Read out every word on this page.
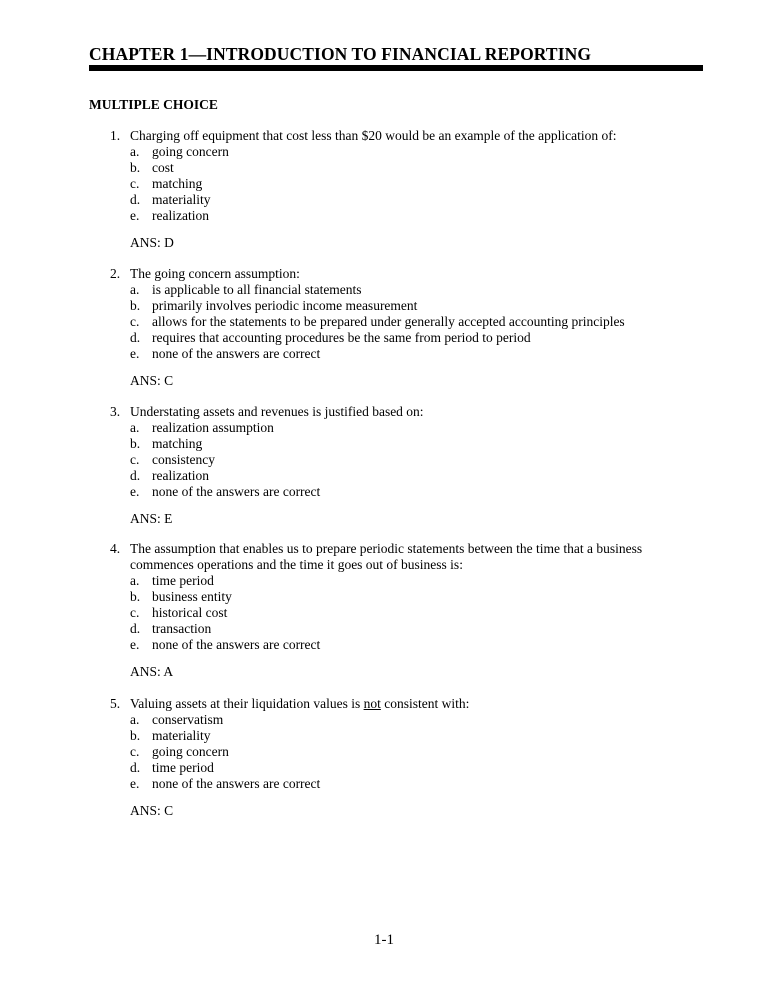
CHAPTER 1—INTRODUCTION TO FINANCIAL REPORTING
MULTIPLE CHOICE
1. Charging off equipment that cost less than $20 would be an example of the application of:
a. going concern
b. cost
c. matching
d. materiality
e. realization
ANS: D
2. The going concern assumption:
a. is applicable to all financial statements
b. primarily involves periodic income measurement
c. allows for the statements to be prepared under generally accepted accounting principles
d. requires that accounting procedures be the same from period to period
e. none of the answers are correct
ANS: C
3. Understating assets and revenues is justified based on:
a. realization assumption
b. matching
c. consistency
d. realization
e. none of the answers are correct
ANS: E
4. The assumption that enables us to prepare periodic statements between the time that a business
commences operations and the time it goes out of business is:
a. time period
b. business entity
c. historical cost
d. transaction
e. none of the answers are correct
ANS: A
5. Valuing assets at their liquidation values is not consistent with:
a. conservatism
b. materiality
c. going concern
d. time period
e. none of the answers are correct
ANS: C
1-1
